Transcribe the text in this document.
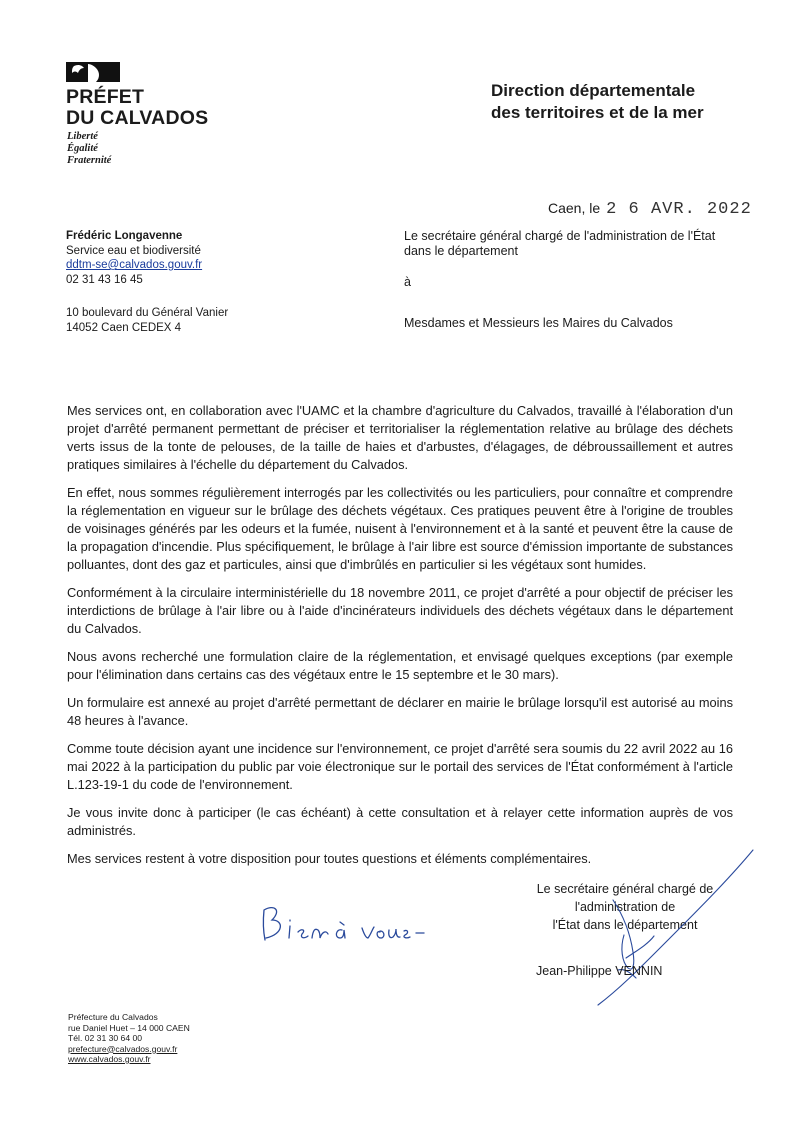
PRÉFET
DU CALVADOS
Liberté
Égalité
Fraternité
Direction départementale
des territoires et de la mer
Caen, le 2 6 AVR. 2022
Frédéric Longavenne
Service eau et biodiversité
ddtm-se@calvados.gouv.fr
02 31 43 16 45
10 boulevard du Général Vanier
14052 Caen CEDEX 4
Le secrétaire général chargé de l'administration de l'État dans le département
à
Mesdames et Messieurs les Maires du Calvados

Mes services ont, en collaboration avec l'UAMC et la chambre d'agriculture du Calvados, travaillé à l'élaboration d'un projet d'arrêté permanent permettant de préciser et territorialiser la réglementation relative au brûlage des déchets verts issus de la tonte de pelouses, de la taille de haies et d'arbustes, d'élagages, de débroussaillement et autres pratiques similaires à l'échelle du département du Calvados.

En effet, nous sommes régulièrement interrogés par les collectivités ou les particuliers, pour connaître et comprendre la réglementation en vigueur sur le brûlage des déchets végétaux. Ces pratiques peuvent être à l'origine de troubles de voisinages générés par les odeurs et la fumée, nuisent à l'environnement et à la santé et peuvent être la cause de la propagation d'incendie. Plus spécifiquement, le brûlage à l'air libre est source d'émission importante de substances polluantes, dont des gaz et particules, ainsi que d'imbrûlés en particulier si les végétaux sont humides.

Conformément à la circulaire interministérielle du 18 novembre 2011, ce projet d'arrêté a pour objectif de préciser les interdictions de brûlage à l'air libre ou à l'aide d'incinérateurs individuels des déchets végétaux dans le département du Calvados.

Nous avons recherché une formulation claire de la réglementation, et envisagé quelques exceptions (par exemple pour l'élimination dans certains cas des végétaux entre le 15 septembre et le 30 mars).

Un formulaire est annexé au projet d'arrêté permettant de déclarer en mairie le brûlage lorsqu'il est autorisé au moins 48 heures à l'avance.

Comme toute décision ayant une incidence sur l'environnement, ce projet d'arrêté sera soumis du 22 avril 2022 au 16 mai 2022 à la participation du public par voie électronique sur le portail des services de l'État conformément à l'article L.123-19-1 du code de l'environnement.

Je vous invite donc à participer (le cas échéant) à cette consultation et à relayer cette information auprès de vos administrés.

Mes services restent à votre disposition pour toutes questions et éléments complémentaires.

Le secrétaire général chargé de
l'administration de
l'État dans le département
Jean-Philippe VENNIN
Préfecture du Calvados
rue Daniel Huet – 14 000 CAEN
Tél. 02 31 30 64 00
prefecture@calvados.gouv.fr
www.calvados.gouv.fr
